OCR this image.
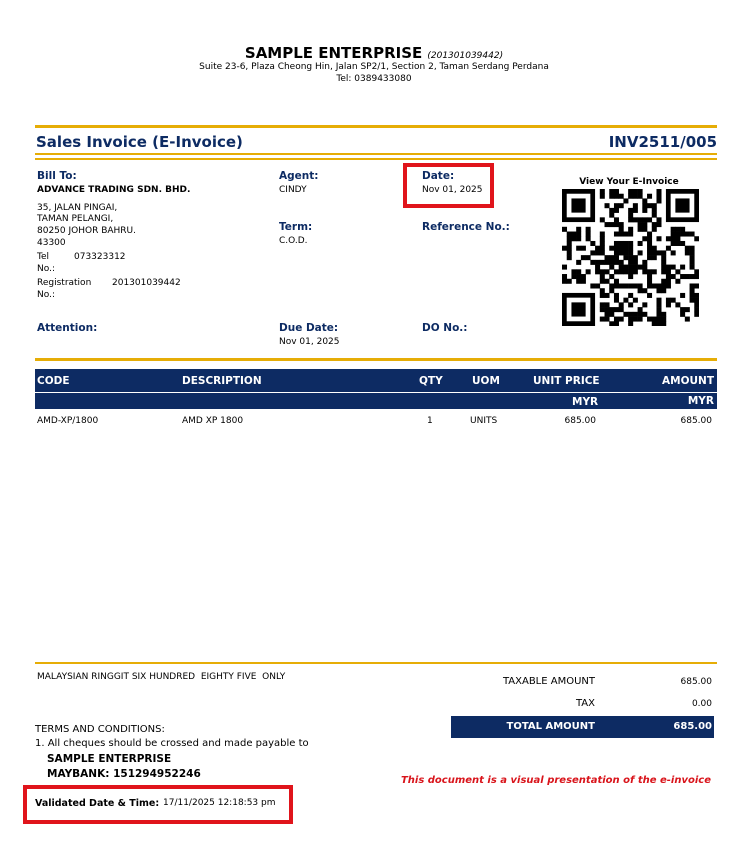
SAMPLE ENTERPRISE (201301039442)
Suite 23-6, Plaza Cheong Hin, Jalan SP2/1, Section 2, Taman Serdang Perdana
Tel: 0389433080
Sales Invoice (E-Invoice)	INV2511/005
Bill To:
ADVANCE TRADING SDN. BHD.
35, JALAN PINGAI,
TAMAN PELANGI,
80250 JOHOR BAHRU.
43300
Tel
No.:
073323312
Registration
No.:
201301039442
Agent:
CINDY
Term:
C.O.D.
Due Date:
Nov 01, 2025
Date:
Nov 01, 2025
Reference No.:
Attention:	DO No.:
View Your E-Invoice
CODE	DESCRIPTION	QTY	UOM	UNIT PRICE	AMOUNT
MYR	MYR
AMD-XP/1800	AMD XP 1800	1	UNITS	685.00	685.00
MALAYSIAN RINGGIT SIX HUNDRED  EIGHTY FIVE  ONLY	TAXABLE AMOUNT	685.00
TAX	0.00
TOTAL AMOUNT	685.00
TERMS AND CONDITIONS:
1. All cheques should be crossed and made payable to
SAMPLE ENTERPRISE
MAYBANK: 151294952246
This document is a visual presentation of the e-invoice
Validated Date & Time: 17/11/2025 12:18:53 pm
